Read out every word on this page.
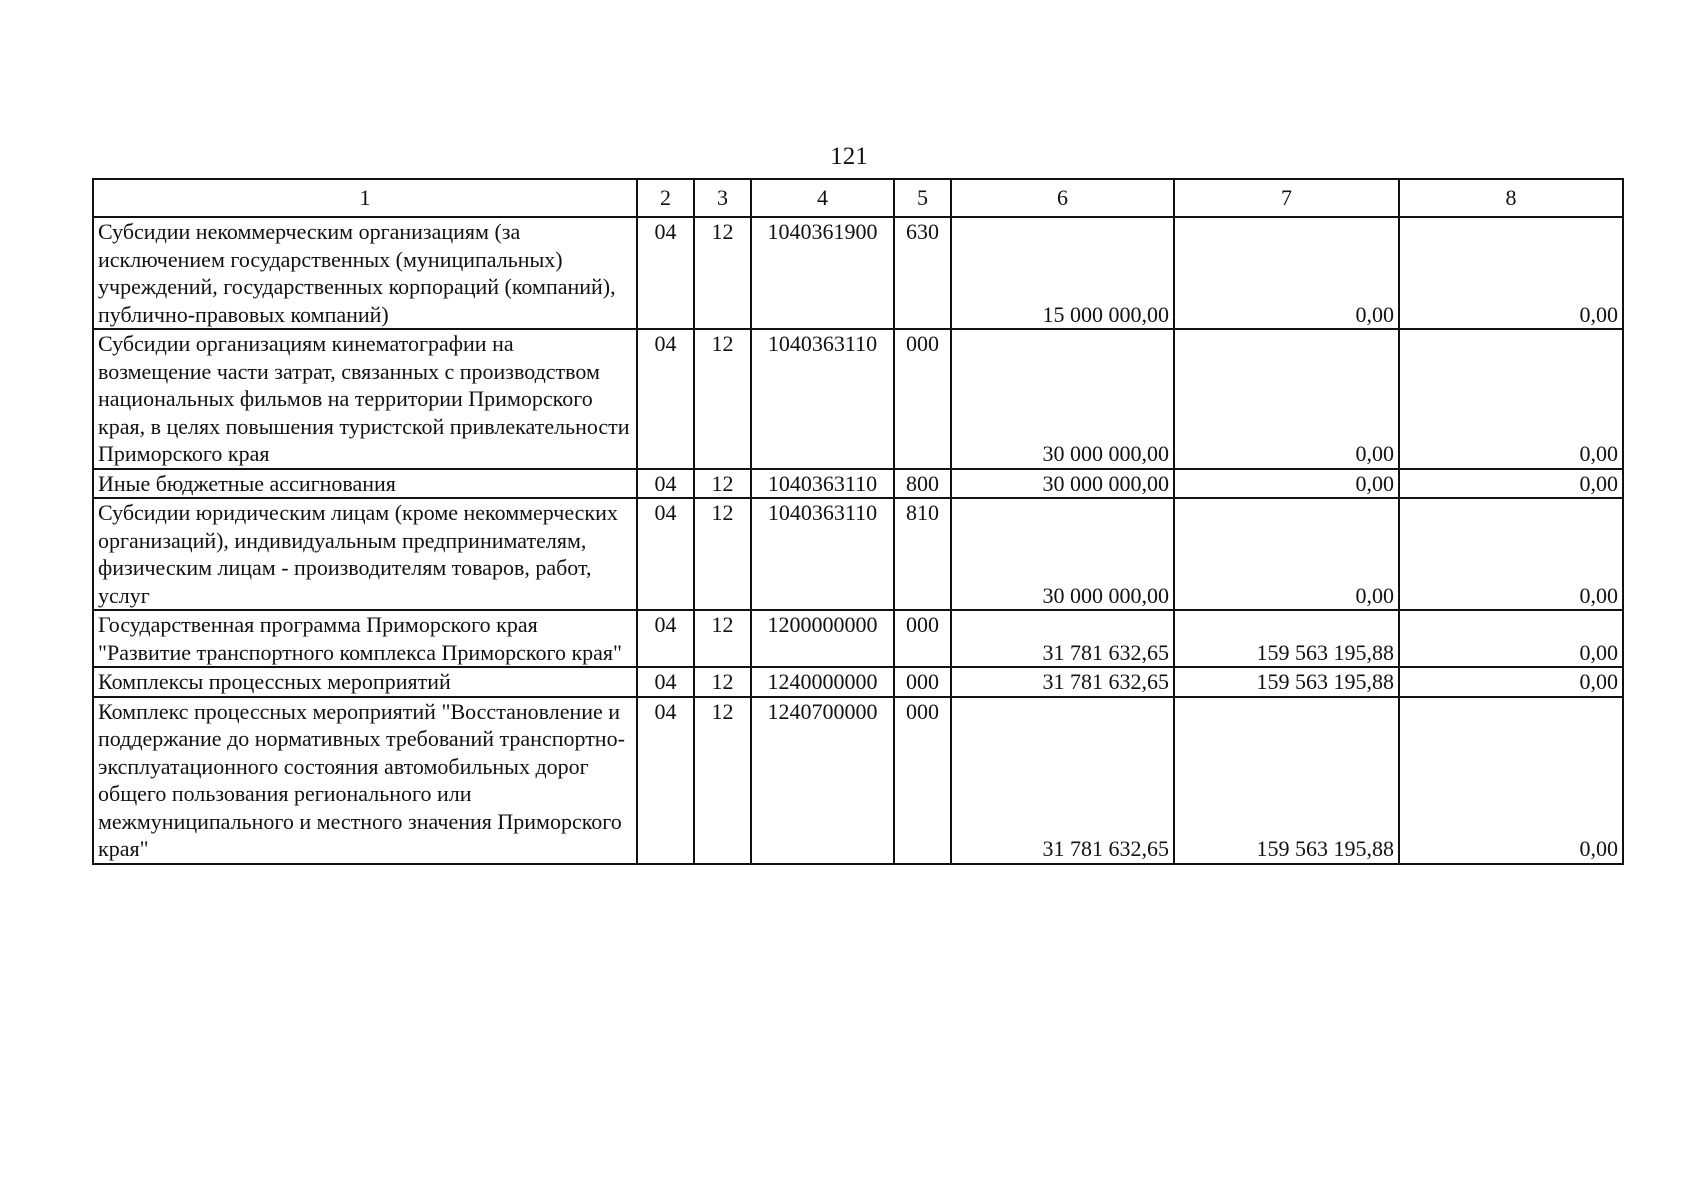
121
1	2	3	4	5	6	7	8
Субсидии некоммерческим организациям (за исключением государственных (муниципальных) учреждений, государственных корпораций (компаний), публично-правовых компаний)	04	12	1040361900	630	15 000 000,00	0,00	0,00
Субсидии организациям кинематографии на возмещение части затрат, связанных с производством национальных фильмов на территории Приморского края, в целях повышения туристской привлекательности Приморского края	04	12	1040363110	000	30 000 000,00	0,00	0,00
Иные бюджетные ассигнования	04	12	1040363110	800	30 000 000,00	0,00	0,00
Субсидии юридическим лицам (кроме некоммерческих организаций), индивидуальным предпринимателям, физическим лицам - производителям товаров, работ, услуг	04	12	1040363110	810	30 000 000,00	0,00	0,00
Государственная программа Приморского края "Развитие транспортного комплекса Приморского края"	04	12	1200000000	000	31 781 632,65	159 563 195,88	0,00
Комплексы процессных мероприятий	04	12	1240000000	000	31 781 632,65	159 563 195,88	0,00
Комплекс процессных мероприятий "Восстановление и поддержание до нормативных требований транспортно-эксплуатационного состояния автомобильных дорог общего пользования регионального или межмуниципального и местного значения Приморского края"	04	12	1240700000	000	31 781 632,65	159 563 195,88	0,00
